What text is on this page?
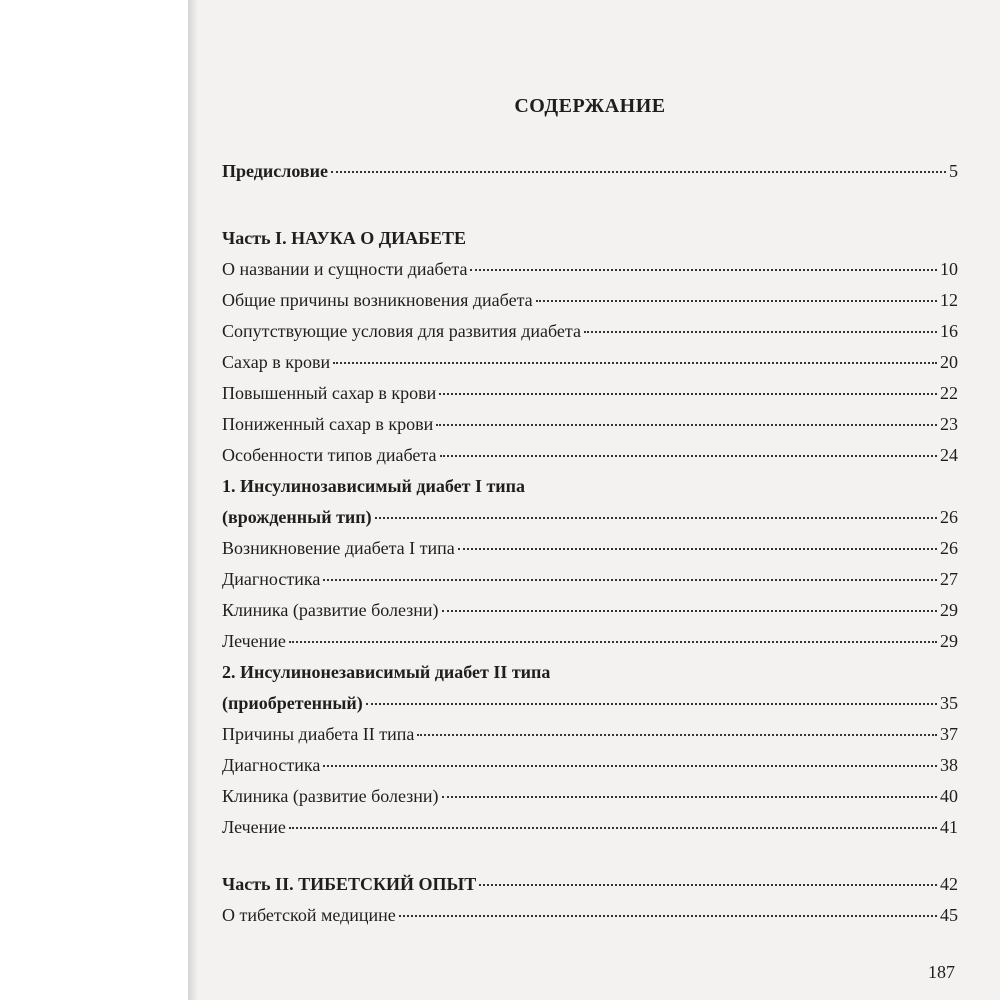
СОДЕРЖАНИЕ
Предисловие	5
Часть I. НАУКА О ДИАБЕТЕ
О названии и сущности диабета	10
Общие причины возникновения диабета	12
Сопутствующие условия для развития диабета	16
Сахар в крови	20
Повышенный сахар в крови	22
Пониженный сахар в крови	23
Особенности типов диабета	24
1. Инсулинозависимый диабет I типа
(врожденный тип)	26
Возникновение диабета I типа	26
Диагностика	27
Клиника (развитие болезни)	29
Лечение	29
2. Инсулинонезависимый диабет II типа
(приобретенный)	35
Причины диабета II типа	37
Диагностика	38
Клиника (развитие болезни)	40
Лечение	41
Часть II. ТИБЕТСКИЙ ОПЫТ	42
О тибетской медицине	45
187
